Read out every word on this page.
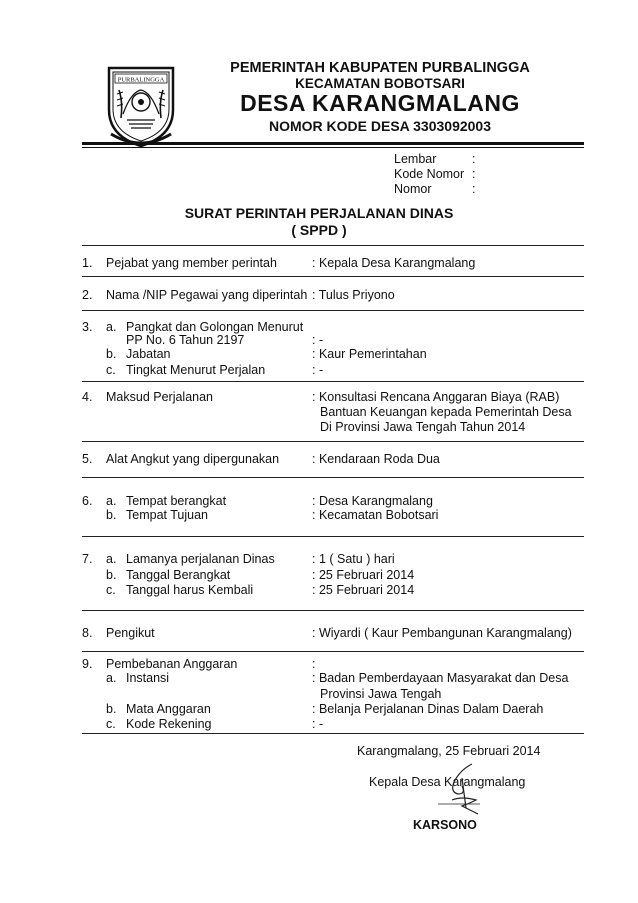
PURBALINGGA
PEMERINTAH KABUPATEN PURBALINGGA
KECAMATAN BOBOTSARI
DESA KARANGMALANG
NOMOR KODE DESA 3303092003
Lembar	:
Kode Nomor :
Nomor	:
SURAT PERINTAH PERJALANAN DINAS
( SPPD )
1. Pejabat yang member perintah	: Kepala Desa Karangmalang
2. Nama /NIP Pegawai yang diperintah : Tulus Priyono
3. a. Pangkat dan Golongan Menurut
PP No. 6 Tahun 2197	: -
b. Jabatan	: Kaur Pemerintahan
c. Tingkat Menurut Perjalan	: -
4. Maksud Perjalanan	: Konsultasi Rencana Anggaran Biaya (RAB)
Bantuan Keuangan kepada Pemerintah Desa
Di Provinsi Jawa Tengah Tahun 2014
5. Alat Angkut yang dipergunakan	: Kendaraan Roda Dua
6. a. Tempat berangkat	: Desa Karangmalang
b. Tempat Tujuan	: Kecamatan Bobotsari
7. a. Lamanya perjalanan Dinas	: 1 ( Satu ) hari
b. Tanggal Berangkat	: 25 Februari 2014
c. Tanggal harus Kembali	: 25 Februari 2014
8. Pengikut	: Wiyardi ( Kaur Pembangunan Karangmalang)
9. Pembebanan Anggaran	:
a. Instansi	: Badan Pemberdayaan Masyarakat dan Desa
Provinsi Jawa Tengah
b. Mata Anggaran	: Belanja Perjalanan Dinas Dalam Daerah
c. Kode Rekening	: -
Karangmalang, 25 Februari 2014
Kepala Desa Karangmalang
KARSONO
